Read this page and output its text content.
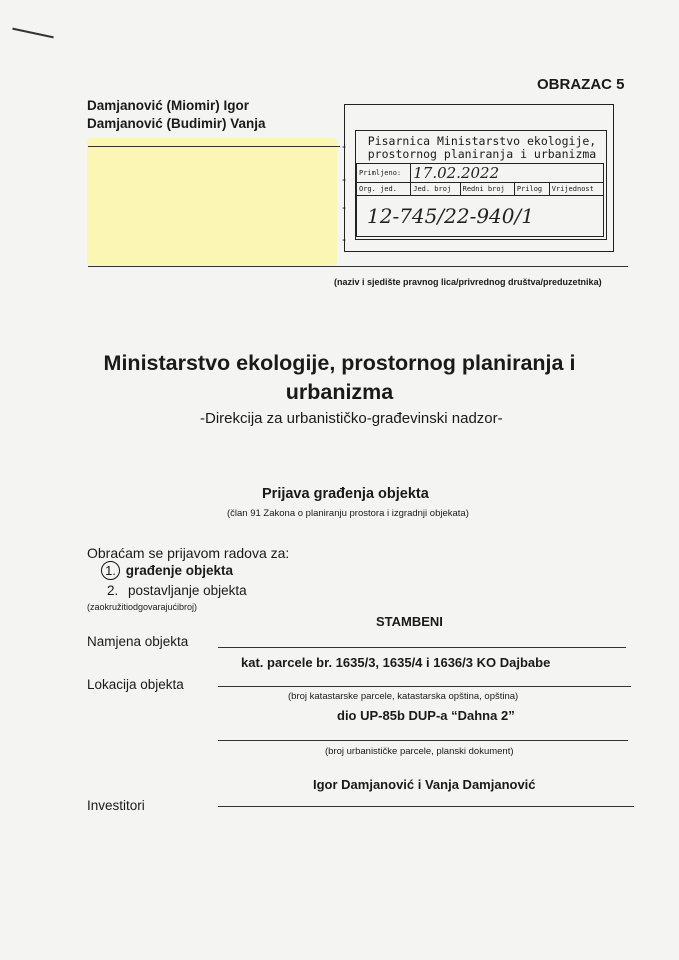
OBRAZAC 5
Damjanović (Miomir) Igor
Damjanović (Budimir) Vanja
-
-
-
-
Pisarnica Ministarstvo ekologije, prostornog planiranja i urbanizma
Primljeno:	17.02.2022			
Org. jed.	Jed. broj	Redni broj	Prilog	Vrijednost
12-745/22-940/1				
(naziv i sjedište pravnog lica/privrednog društva/preduzetnika)
Ministarstvo ekologije, prostornog planiranja i
urbanizma
-Direkcija za urbanističko-građevinski nadzor-
Prijava građenja objekta
(član 91 Zakona o planiranju prostora i izgradnji objekata)
Obraćam se prijavom radova za:
1. građenje objekta
2. postavljanje objekta
(zaokružitiodgovarajućibroj)
STAMBENI
Namjena objekta
kat. parcele br. 1635/3, 1635/4 i 1636/3 KO Dajbabe
Lokacija objekta
(broj katastarske parcele, katastarska opština, opština)
dio UP-85b DUP-a “Dahna 2”
(broj urbanističke parcele, planski dokument)
Igor Damjanović i Vanja Damjanović
Investitori
